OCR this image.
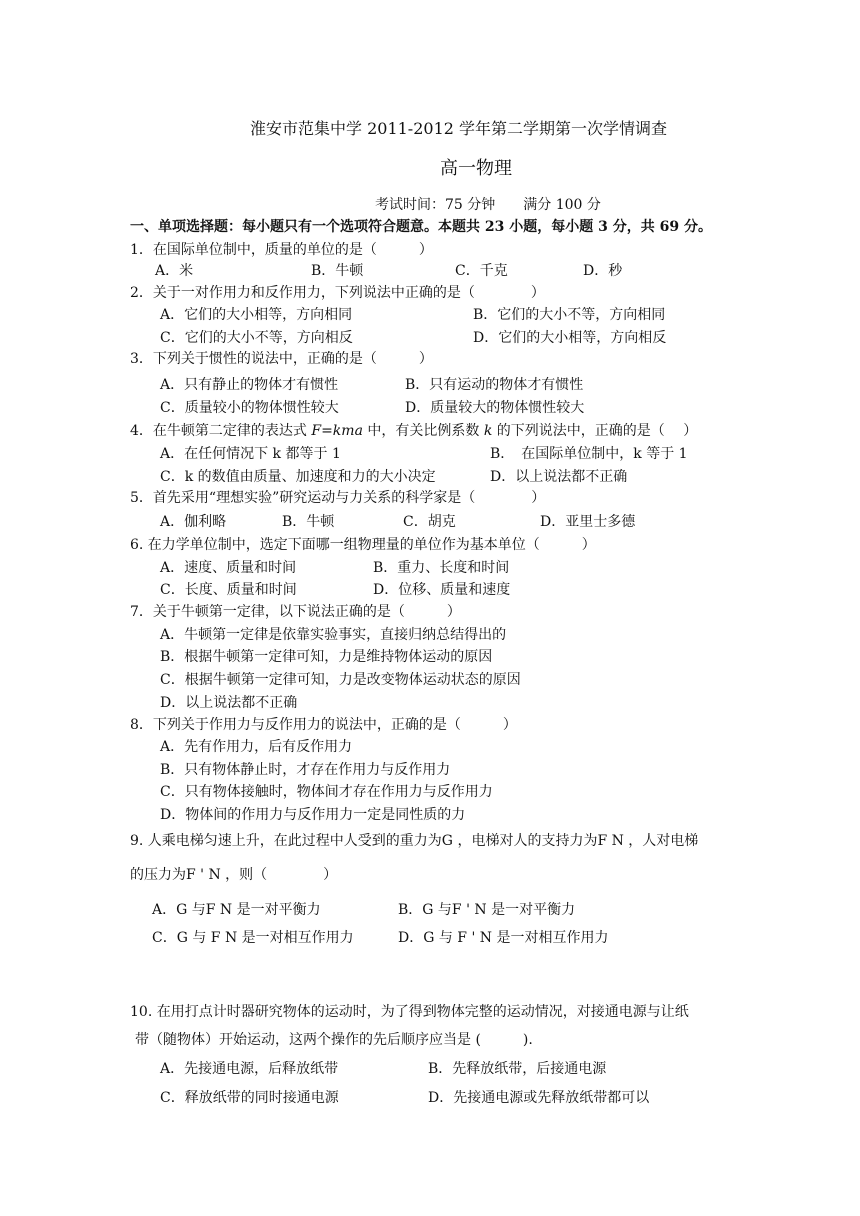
淮安市范集中学 2011-2012 学年第二学期第一次学情调查
高一物理
考试时间：75 分钟　　满分 100 分
一、单项选择题：每小题只有一个选项符合题意。本题共 23 小题，每小题 3 分，共 69 分。
1．在国际单位制中，质量的单位的是（　　　）
A．米	B．牛顿	C．千克	D．秒
2．关于一对作用力和反作用力，下列说法中正确的是（　　　　）
A．它们的大小相等，方向相同	B．它们的大小不等，方向相同
C．它们的大小不等，方向相反	D．它们的大小相等，方向相反
3．下列关于惯性的说法中，正确的是（　　　）
A．只有静止的物体才有惯性	B．只有运动的物体才有惯性
C．质量较小的物体惯性较大	D．质量较大的物体惯性较大
4．在牛顿第二定律的表达式 F=kma 中，有关比例系数 k 的下列说法中，正确的是（　 ）
A．在任何情况下 k 都等于 1	B．　在国际单位制中，k 等于 1
C．k 的数值由质量、加速度和力的大小决定	D．以上说法都不正确
5．首先采用“理想实验”研究运动与力关系的科学家是（　　　　）
A．伽利略	B．牛顿	C．胡克	D．亚里士多德
6. 在力学单位制中，选定下面哪一组物理量的单位作为基本单位（　　　）
A．速度、质量和时间	B．重力、长度和时间
C．长度、质量和时间	D．位移、质量和速度
7．关于牛顿第一定律，以下说法正确的是（　　　）
A．牛顿第一定律是依靠实验事实，直接归纳总结得出的
B．根据牛顿第一定律可知，力是维持物体运动的原因
C．根据牛顿第一定律可知，力是改变物体运动状态的原因
D．以上说法都不正确
8．下列关于作用力与反作用力的说法中，正确的是（　　　）
A．先有作用力，后有反作用力
B．只有物体静止时，才存在作用力与反作用力
C．只有物体接触时，物体间才存在作用力与反作用力
D．物体间的作用力与反作用力一定是同性质的力
9. 人乘电梯匀速上升，在此过程中人受到的重力为G ，电梯对人的支持力为F N ，人对电梯
的压力为F ' N ，则（　　　　）
A．G 与F N 是一对平衡力	B．G 与F ' N 是一对平衡力
C．G 与 F N 是一对相互作用力	D．G 与 F ' N 是一对相互作用力
10. 在用打点计时器研究物体的运动时，为了得到物体完整的运动情况，对接通电源与让纸
带（随物体）开始运动，这两个操作的先后顺序应当是 (　　　).
A．先接通电源，后释放纸带	B．先释放纸带，后接通电源
C．释放纸带的同时接通电源	D．先接通电源或先释放纸带都可以
